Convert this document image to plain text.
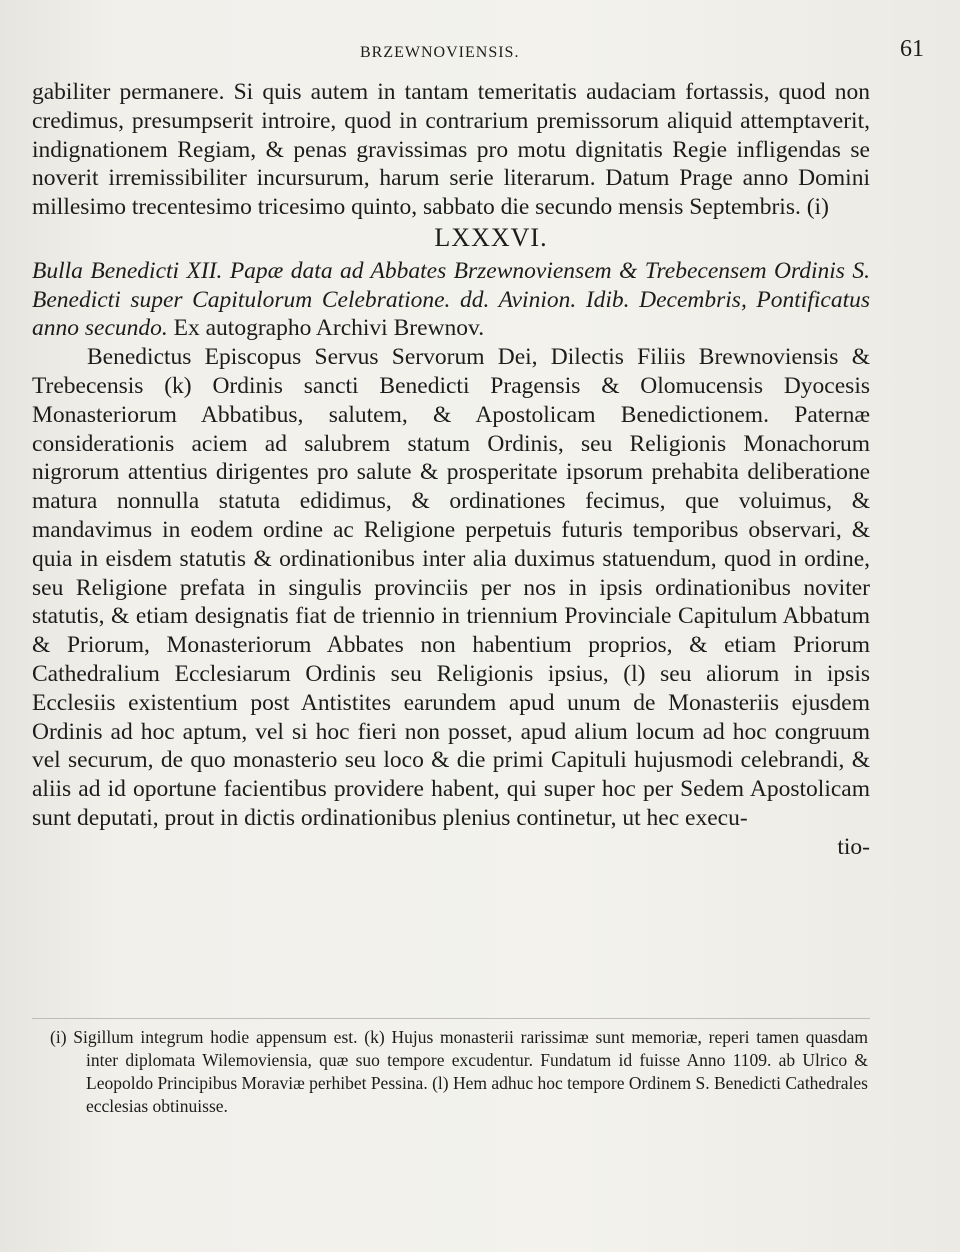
BRZEWNOVIENSIS.	61

gabiliter permanere. Si quis autem in tantam temeritatis audaciam fortassis, quod non credimus, presumpserit introire, quod in contrarium premissorum aliquid attemptaverit, indignationem Regiam, & penas gravissimas pro motu dignitatis Regie infligendas se noverit irremissibiliter incursurum, harum serie literarum. Datum Prage anno Domini millesimo trecentesimo tricesimo quinto, sabbato die secundo mensis Septembris. (i)

LXXXVI.

Bulla Benedicti XII. Papæ data ad Abbates Brzewnoviensem & Trebecensem Ordinis S. Benedicti super Capitulorum Celebratione. dd. Avinion. Idib. Decembris, Pontificatus anno secundo. Ex autographo Archivi Brewnov.

Benedictus Episcopus Servus Servorum Dei, Dilectis Filiis Brewnoviensis & Trebecensis (k) Ordinis sancti Benedicti Pragensis & Olomucensis Dyocesis Monasteriorum Abbatibus, salutem, & Apostolicam Benedictionem. Paternæ considerationis aciem ad salubrem statum Ordinis, seu Religionis Monachorum nigrorum attentius dirigentes pro salute & prosperitate ipsorum prehabita deliberatione matura nonnulla statuta edidimus, & ordinationes fecimus, que voluimus, & mandavimus in eodem ordine ac Religione perpetuis futuris temporibus observari, & quia in eisdem statutis & ordinationibus inter alia duximus statuendum, quod in ordine, seu Religione prefata in singulis provinciis per nos in ipsis ordinationibus noviter statutis, & etiam designatis fiat de triennio in triennium Provinciale Capitulum Abbatum & Priorum, Monasteriorum Abbates non habentium proprios, & etiam Priorum Cathedralium Ecclesiarum Ordinis seu Religionis ipsius, (l) seu aliorum in ipsis Ecclesiis existentium post Antistites earundem apud unum de Monasteriis ejusdem Ordinis ad hoc aptum, vel si hoc fieri non posset, apud alium locum ad hoc congruum vel securum, de quo monasterio seu loco & die primi Capituli hujusmodi celebrandi, & aliis ad id oportune facientibus providere habent, qui super hoc per Sedem Apostolicam sunt deputati, prout in dictis ordinationibus plenius continetur, ut hec execu-

tio-

(i) Sigillum integrum hodie appensum est. (k) Hujus monasterii rarissimæ sunt memoriæ, reperi tamen quasdam inter diplomata Wilemoviensia, quæ suo tempore excudentur. Fundatum id fuisse Anno 1109. ab Ulrico & Leopoldo Principibus Moraviæ perhibet Pessina. (l) Hem adhuc hoc tempore Ordinem S. Benedicti Cathedrales ecclesias obtinuisse.
